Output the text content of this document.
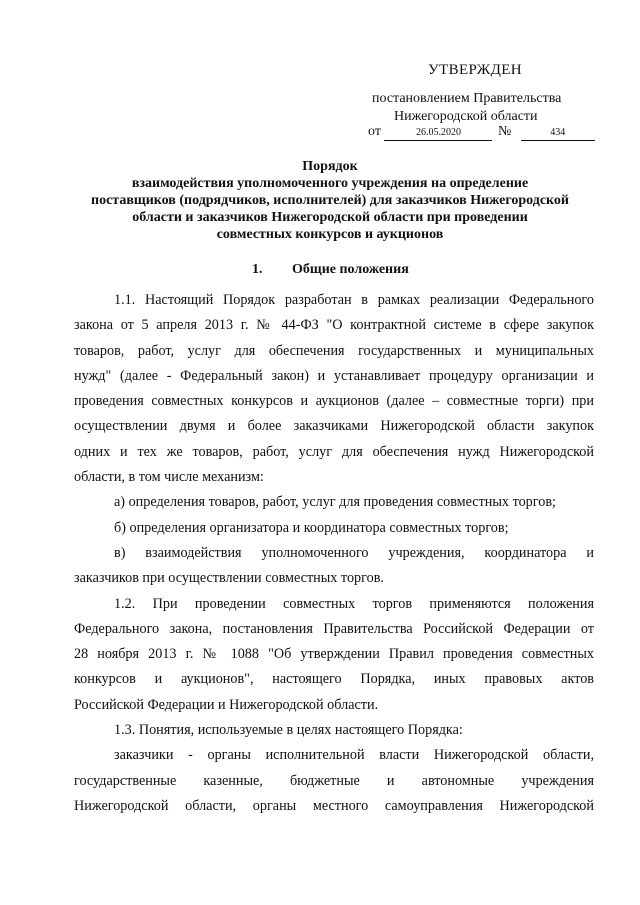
УТВЕРЖДЕН
постановлением Правительства
Нижегородской области
от	26.05.2020	№	434
Порядок
взаимодействия уполномоченного учреждения на определение
поставщиков (подрядчиков, исполнителей) для заказчиков Нижегородской
области и заказчиков Нижегородской области при проведении
совместных конкурсов и аукционов
1. Общие положения
1.1. Настоящий Порядок разработан в рамках реализации Федерального
закона от 5 апреля 2013 г. № 44-ФЗ "О контрактной системе в сфере закупок
товаров, работ, услуг для обеспечения государственных и муниципальных
нужд" (далее - Федеральный закон) и устанавливает процедуру организации и
проведения совместных конкурсов и аукционов (далее – совместные торги) при
осуществлении двумя и более заказчиками Нижегородской области закупок
одних и тех же товаров, работ, услуг для обеспечения нужд Нижегородской
области, в том числе механизм:
а) определения товаров, работ, услуг для проведения совместных торгов;
б) определения организатора и координатора совместных торгов;
в) взаимодействия уполномоченного учреждения, координатора и
заказчиков при осуществлении совместных торгов.
1.2. При проведении совместных торгов применяются положения
Федерального закона, постановления Правительства Российской Федерации от
28 ноября 2013 г. № 1088 "Об утверждении Правил проведения совместных
конкурсов и аукционов", настоящего Порядка, иных правовых актов
Российской Федерации и Нижегородской области.
1.3. Понятия, используемые в целях настоящего Порядка:
заказчики - органы исполнительной власти Нижегородской области,
государственные казенные, бюджетные и автономные учреждения
Нижегородской области, органы местного самоуправления Нижегородской
